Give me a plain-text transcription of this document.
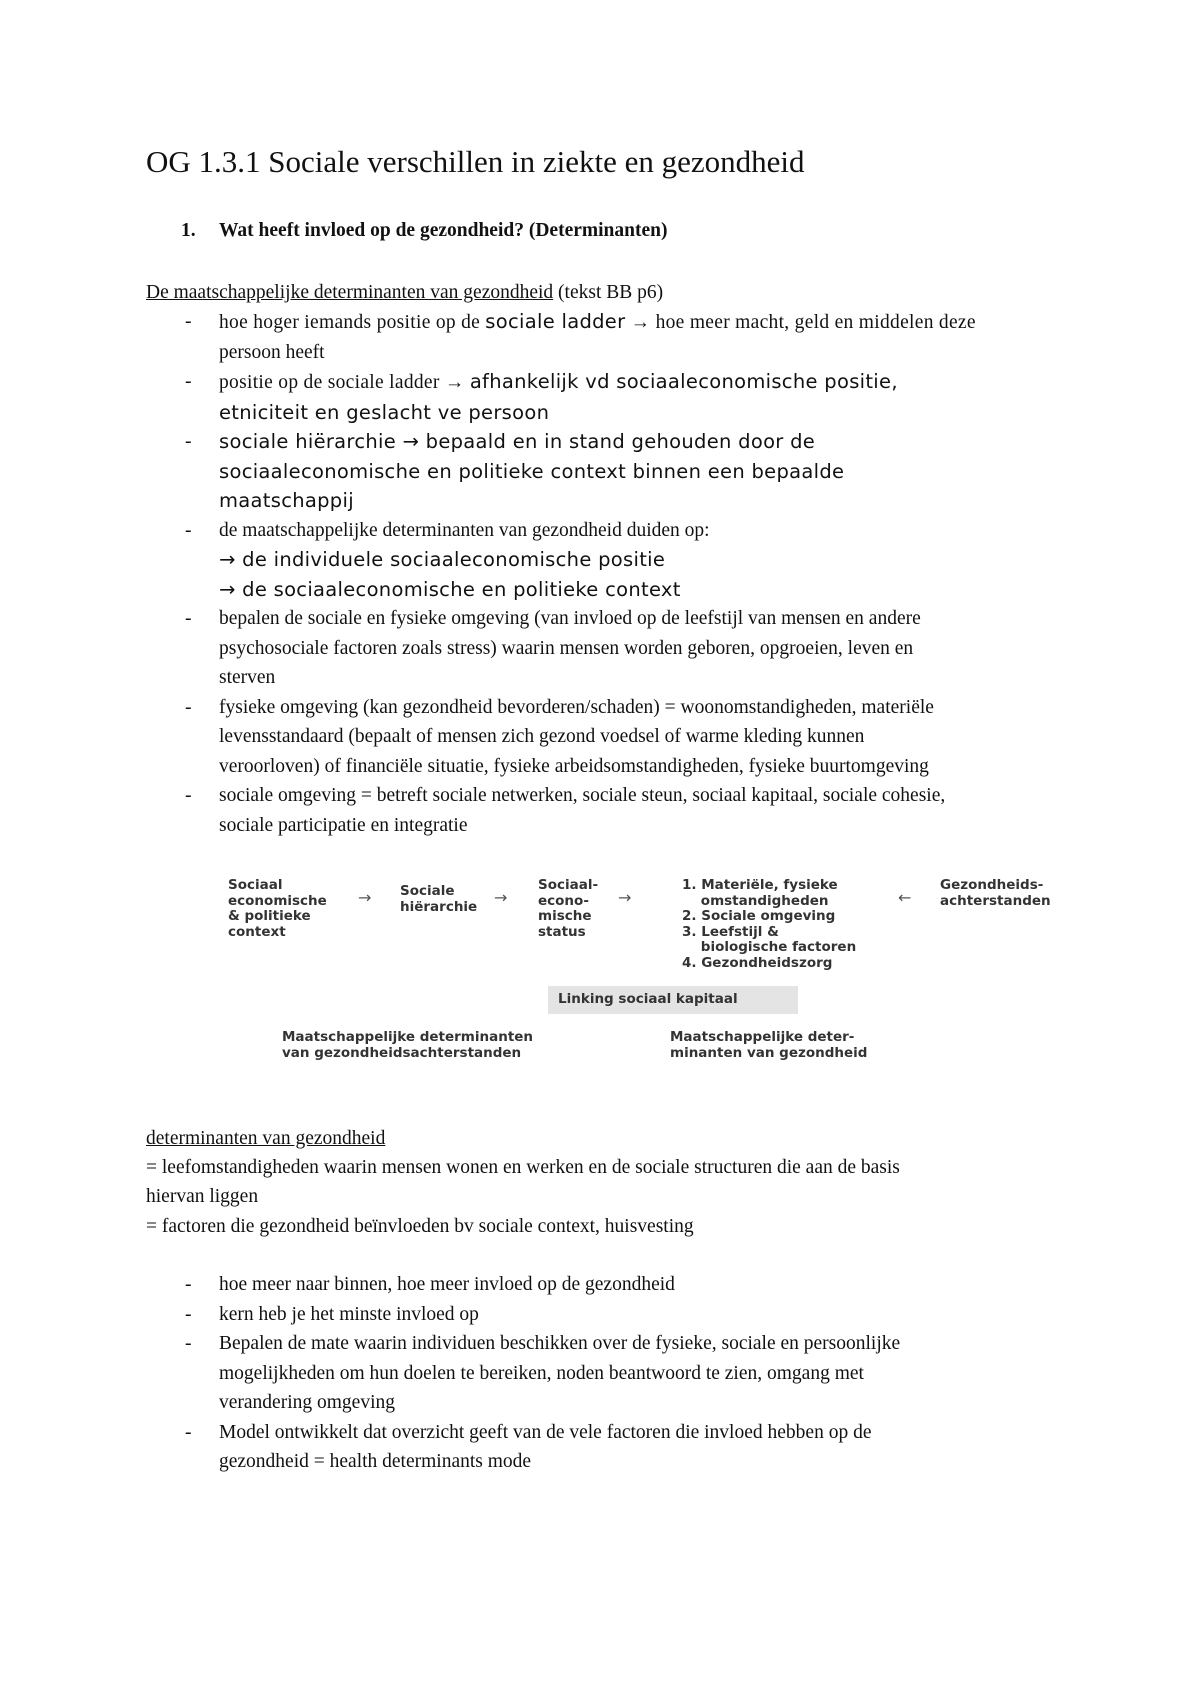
OG 1.3.1 Sociale verschillen in ziekte en gezondheid
1. Wat heeft invloed op de gezondheid? (Determinanten)
De maatschappelijke determinanten van gezondheid (tekst BB p6)
- hoe hoger iemands positie op de sociale ladder → hoe meer macht, geld en middelen deze
persoon heeft
- positie op de sociale ladder → afhankelijk vd sociaaleconomische positie,
etniciteit en geslacht ve persoon
- sociale hiërarchie → bepaald en in stand gehouden door de
sociaaleconomische en politieke context binnen een bepaalde
maatschappij
- de maatschappelijke determinanten van gezondheid duiden op:
→ de individuele sociaaleconomische positie
→ de sociaaleconomische en politieke context
- bepalen de sociale en fysieke omgeving (van invloed op de leefstijl van mensen en andere
psychosociale factoren zoals stress) waarin mensen worden geboren, opgroeien, leven en
sterven
- fysieke omgeving (kan gezondheid bevorderen/schaden) = woonomstandigheden, materiële
levensstandaard (bepaalt of mensen zich gezond voedsel of warme kleding kunnen
veroorloven) of financiële situatie, fysieke arbeidsomstandigheden, fysieke buurtomgeving
- sociale omgeving = betreft sociale netwerken, sociale steun, sociaal kapitaal, sociale cohesie,
sociale participatie en integratie
Sociaal
economische
& politieke
context
→ Sociale
hiërarchie →
Sociaal-
econo-
mische
status
→
1. Materiële, fysieke
omstandigheden
2. Sociale omgeving
3. Leefstijl &
biologische factoren
4. Gezondheidszorg
←
Gezondheids-
achterstanden
Linking sociaal kapitaal
Maatschappelijke determinanten
van gezondheidsachterstanden
Maatschappelijke deter-
minanten van gezondheid
determinanten van gezondheid
= leefomstandigheden waarin mensen wonen en werken en de sociale structuren die aan de basis
hiervan liggen
= factoren die gezondheid beïnvloeden bv sociale context, huisvesting
- hoe meer naar binnen, hoe meer invloed op de gezondheid
- kern heb je het minste invloed op
- Bepalen de mate waarin individuen beschikken over de fysieke, sociale en persoonlijke
mogelijkheden om hun doelen te bereiken, noden beantwoord te zien, omgang met
verandering omgeving
- Model ontwikkelt dat overzicht geeft van de vele factoren die invloed hebben op de
gezondheid = health determinants mode
